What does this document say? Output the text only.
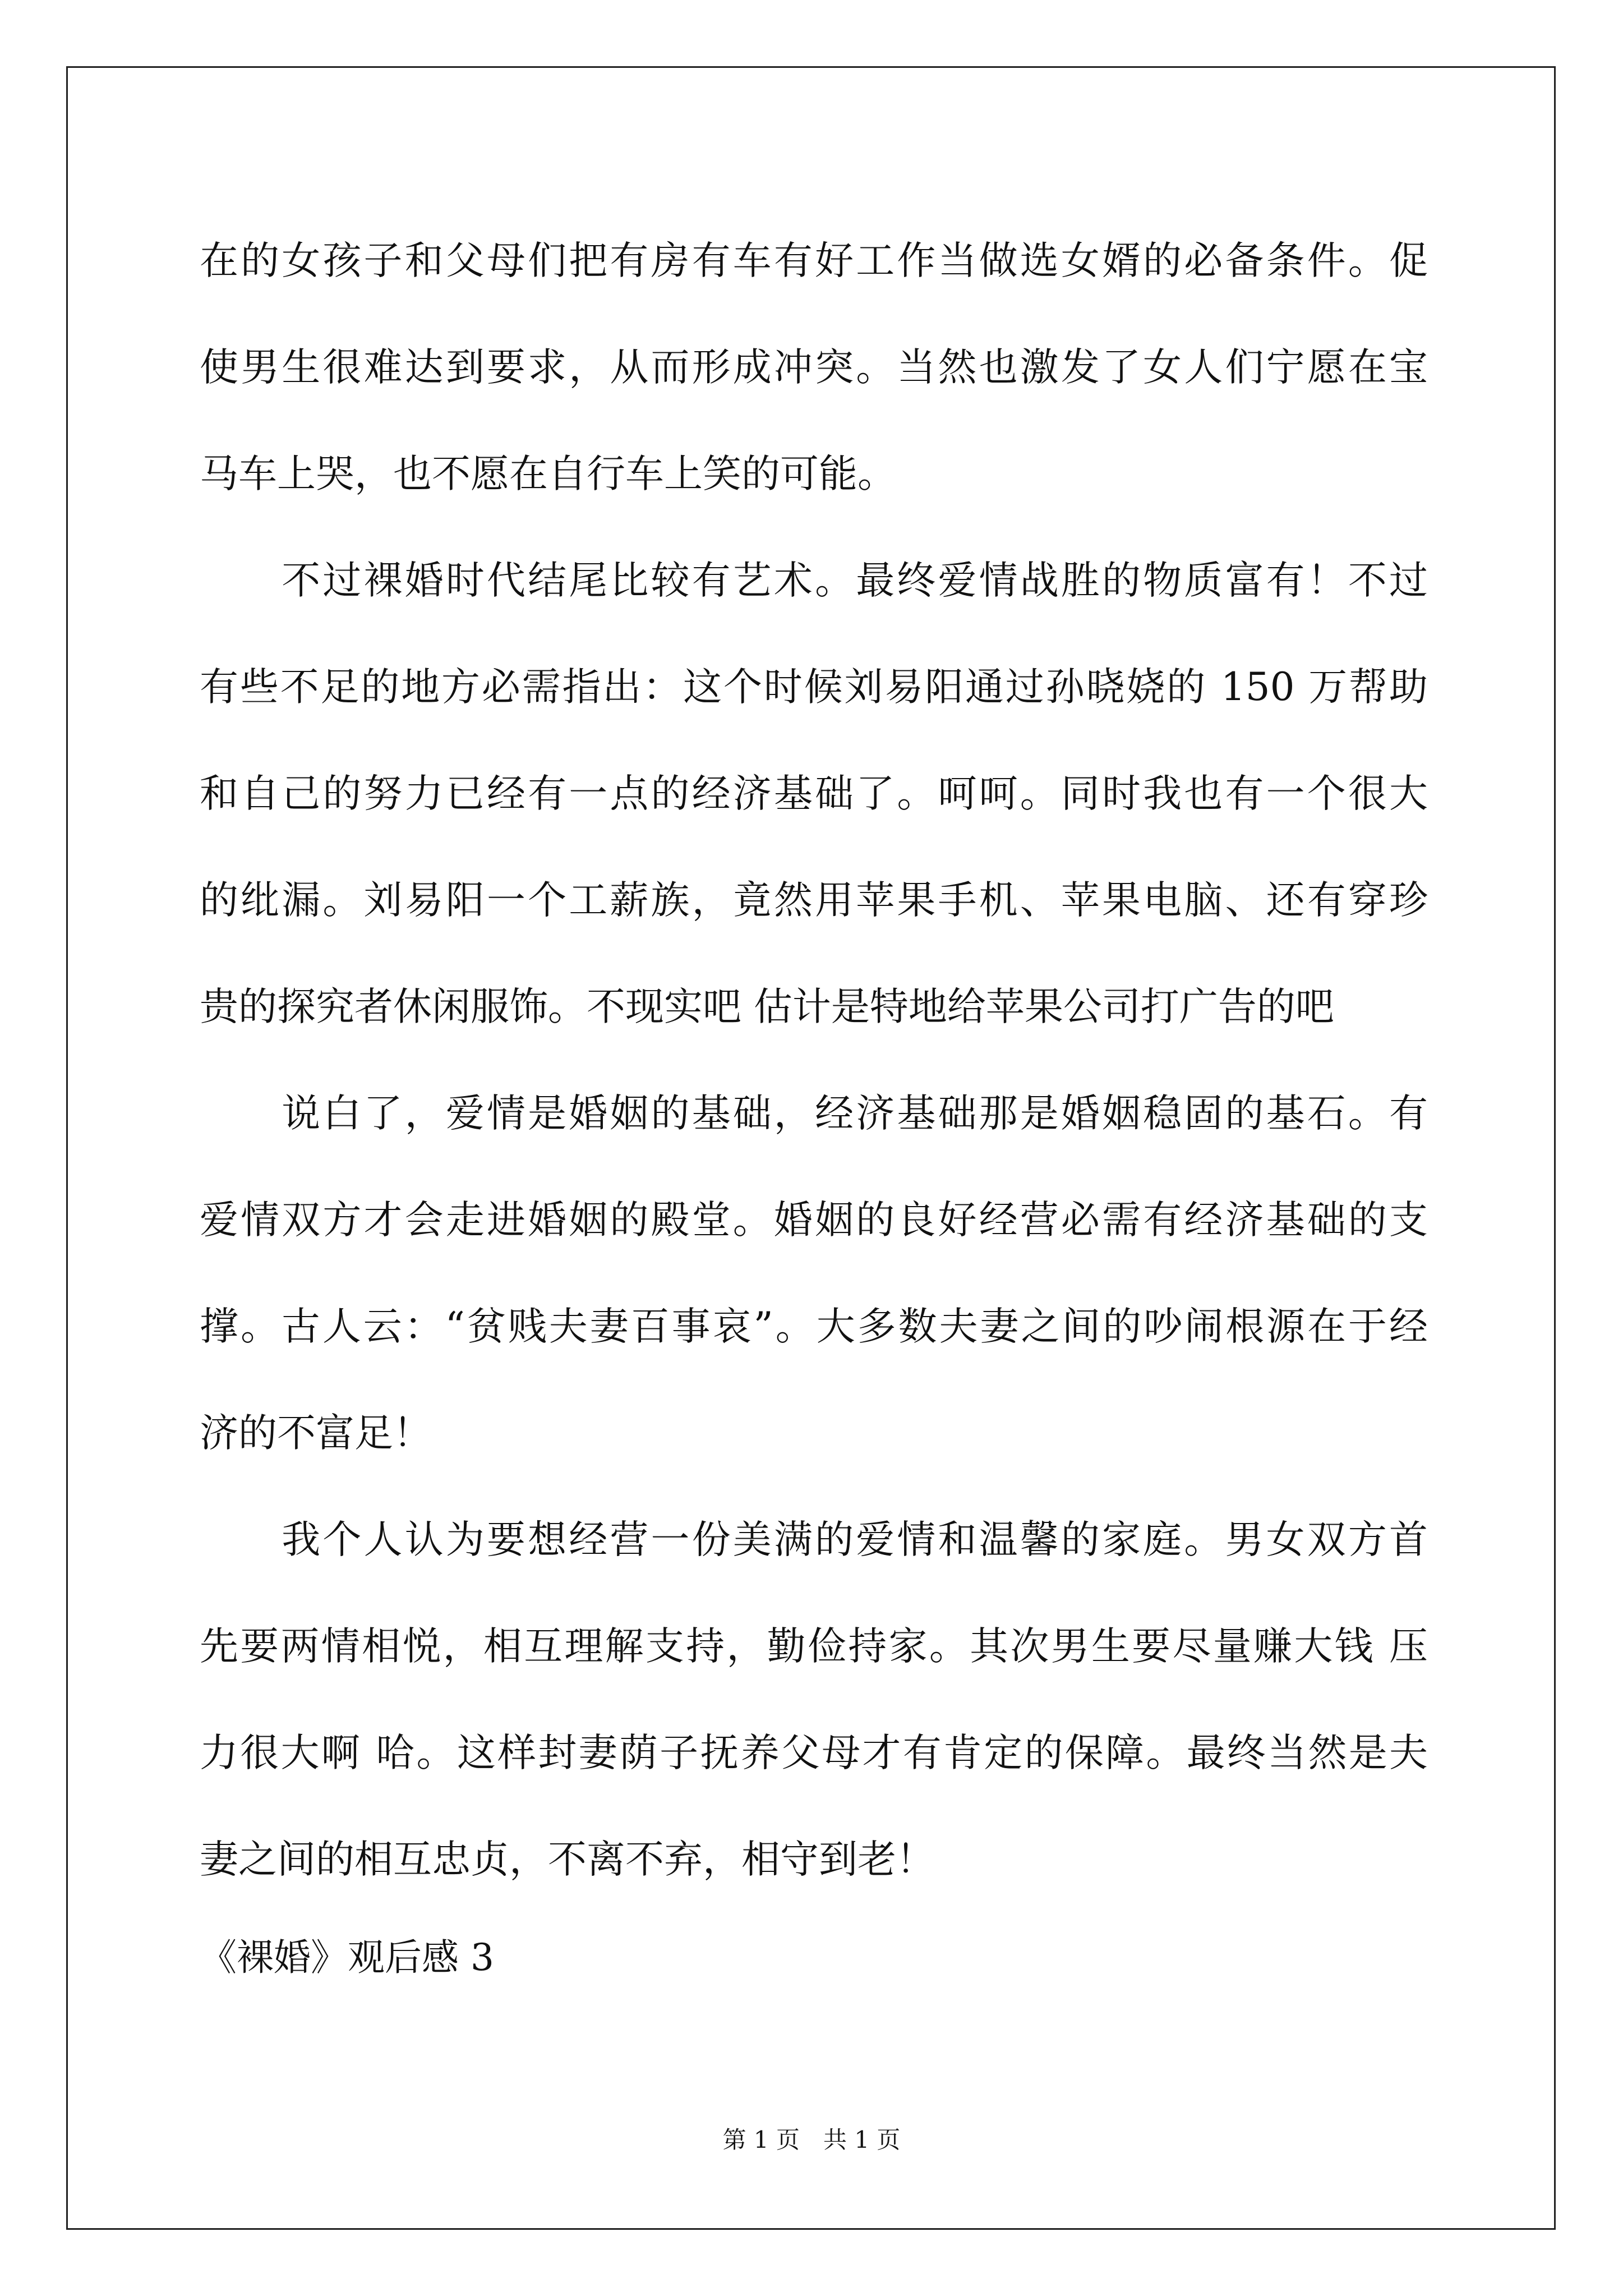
在的女孩子和父母们把有房有车有好工作当做选女婿的必备条件。促
使男生很难达到要求，从而形成冲突。当然也激发了女人们宁愿在宝
马车上哭，也不愿在自行车上笑的可能。
　　不过裸婚时代结尾比较有艺术。最终爱情战胜的物质富有！不过
有些不足的地方必需指出：这个时候刘易阳通过孙晓娆的 150 万帮助
和自己的努力已经有一点的经济基础了。呵呵。同时我也有一个很大
的纰漏。刘易阳一个工薪族，竟然用苹果手机、苹果电脑、还有穿珍
贵的探究者休闲服饰。不现实吧 估计是特地给苹果公司打广告的吧
　　说白了，爱情是婚姻的基础，经济基础那是婚姻稳固的基石。有
爱情双方才会走进婚姻的殿堂。婚姻的良好经营必需有经济基础的支
撑。古人云：“贫贱夫妻百事哀”。大多数夫妻之间的吵闹根源在于经
济的不富足！
　　我个人认为要想经营一份美满的爱情和温馨的家庭。男女双方首
先要两情相悦，相互理解支持，勤俭持家。其次男生要尽量赚大钱 压
力很大啊 哈。这样封妻荫子抚养父母才有肯定的保障。最终当然是夫
妻之间的相互忠贞，不离不弃，相守到老！
《裸婚》观后感 3
第 1 页　共 1 页
